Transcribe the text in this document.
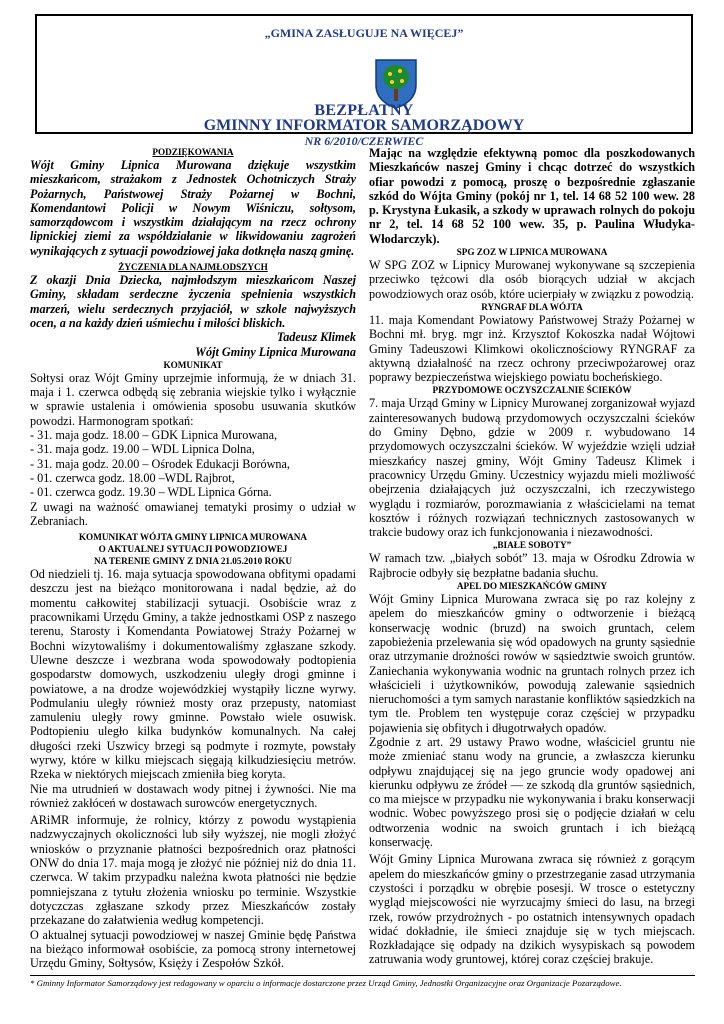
„GMINA ZASŁUGUJE NA WIĘCEJ”
BEZPŁATNY
GMINNY INFORMATOR SAMORZĄDOWY
NR 6/2010/CZERWIEC

PODZIĘKOWANIA

Wójt Gminy Lipnica Murowana dziękuje wszystkim mieszkańcom, strażakom z Jednostek Ochotniczych Straży Pożarnych, Państwowej Straży Pożarnej w Bochni, Komendantowi Policji w Nowym Wiśniczu, sołtysom, samorządowcom i wszystkim działającym na rzecz ochrony lipnickiej ziemi za współdziałanie w likwidowaniu zagrożeń wynikających z sytuacji powodziowej jaka dotknęła naszą gminę.

ŻYCZENIA DLA NAJMŁODSZYCH

Z okazji Dnia Dziecka, najmłodszym mieszkańcom Naszej Gminy, składam serdeczne życzenia spełnienia wszystkich marzeń, wielu serdecznych przyjaciół, w szkole najwyższych ocen, a na każdy dzień uśmiechu i miłości bliskich.

Tadeusz Klimek

Wójt Gminy Lipnica Murowana

KOMUNIKAT

Sołtysi oraz Wójt Gminy uprzejmie informują, że w dniach 31. maja i 1. czerwca odbędą się zebrania wiejskie tylko i wyłącznie w sprawie ustalenia i omówienia sposobu usuwania skutków powodzi. Harmonogram spotkań:

- 31. maja godz. 18.00 – GDK Lipnica Murowana,

- 31. maja godz. 19.00 – WDL Lipnica Dolna,

- 31. maja godz. 20.00 – Ośrodek Edukacji Borówna,

- 01. czerwca godz. 18.00 –WDL Rajbrot,

- 01. czerwca godz. 19.30 – WDL Lipnica Górna.

Z uwagi na ważność omawianej tematyki prosimy o udział w Zebraniach.

KOMUNIKAT WÓJTA GMINY LIPNICA MUROWANA

O AKTUALNEJ SYTUACJI POWODZIOWEJ

NA TERENIE GMINY Z DNIA 21.05.2010 ROKU

Od niedzieli tj. 16. maja sytuacja spowodowana obfitymi opadami deszczu jest na bieżąco monitorowana i nadal będzie, aż do momentu całkowitej stabilizacji sytuacji. Osobiście wraz z pracownikami Urzędu Gminy, a także jednostkami OSP z naszego terenu, Starosty i Komendanta Powiatowej Straży Pożarnej w Bochni wizytowaliśmy i dokumentowaliśmy zgłaszane szkody. Ulewne deszcze i wezbrana woda spowodowały podtopienia gospodarstw domowych, uszkodzeniu uległy drogi gminne i powiatowe, a na drodze wojewódzkiej wystąpiły liczne wyrwy. Podmulaniu uległy również mosty oraz przepusty, natomiast zamuleniu uległy rowy gminne. Powstało wiele osuwisk. Podtopieniu uległo kilka budynków komunalnych. Na całej długości rzeki Uszwicy brzegi są podmyte i rozmyte, powstały wyrwy, które w kilku miejscach sięgają kilkudziesięciu metrów. Rzeka w niektórych miejscach zmieniła bieg koryta.

Nie ma utrudnień w dostawach wody pitnej i żywności. Nie ma również zakłóceń w dostawach surowców energetycznych.

ARiMR informuje, że rolnicy, którzy z powodu wystąpienia nadzwyczajnych okoliczności lub siły wyższej, nie mogli złożyć wniosków o przyznanie płatności bezpośrednich oraz płatności ONW do dnia 17. maja mogą je złożyć nie później niż do dnia 11. czerwca. W takim przypadku należna kwota płatności nie będzie pomniejszana z tytułu złożenia wniosku po terminie. Wszystkie dotyczczas zgłaszane szkody przez Mieszkańców zostały przekazane do załatwienia według kompetencji.

O aktualnej sytuacji powodziowej w naszej Gminie będę Państwa na bieżąco informował osobiście, za pomocą strony internetowej Urzędu Gminy, Sołtysów, Księży i Zespołów Szkół.

Mając na względzie efektywną pomoc dla poszkodowanych Mieszkańców naszej Gminy i chcąc dotrzeć do wszystkich ofiar powodzi z pomocą, proszę o bezpośrednie zgłaszanie szkód do Wójta Gminy (pokój nr 1, tel. 14 68 52 100 wew. 28 p. Krystyna Łukasik, a szkody w uprawach rolnych do pokoju nr 2, tel. 14 68 52 100 wew. 35, p. Paulina Włudyka-Włodarczyk).

SPG ZOZ W LIPNICA MUROWANA

W SPG ZOZ w Lipnicy Murowanej wykonywane są szczepienia przeciwko tężcowi dla osób biorących udział w akcjach powodziowych oraz osób, które ucierpiały w związku z powodzią.

RYNGRAF DLA WÓJTA

11. maja Komendant Powiatowy Państwowej Straży Pożarnej w Bochni mł. bryg. mgr inż. Krzysztof Kokoszka nadał Wójtowi Gminy Tadeuszowi Klimkowi okolicznościowy RYNGRAF za aktywną działalność na rzecz ochrony przeciwpożarowej oraz poprawy bezpieczeństwa wiejskiego powiatu bocheńskiego.

PRZYDOMOWE OCZYSZCZALNIE ŚCIEKÓW

7. maja Urząd Gminy w Lipnicy Murowanej zorganizował wyjazd zainteresowanych budową przydomowych oczyszczalni ścieków do Gminy Dębno, gdzie w 2009 r. wybudowano 14 przydomowych oczyszczalni ścieków. W wyjeździe wzięli udział mieszkańcy naszej gminy, Wójt Gminy Tadeusz Klimek i pracownicy Urzędu Gminy. Uczestnicy wyjazdu mieli możliwość obejrzenia działających już oczyszczalni, ich rzeczywistego wyglądu i rozmiarów, porozmawiania z właścicielami na temat kosztów i różnych rozwiązań technicznych zastosowanych w trakcie budowy oraz ich funkcjonowania i niezawodności.

„BIAŁE SOBOTY”

W ramach tzw. „białych sobót” 13. maja w Ośrodku Zdrowia w Rajbrocie odbyły się bezpłatne badania słuchu.

APEL DO MIESZKAŃCÓW GMINY

Wójt Gminy Lipnica Murowana zwraca się po raz kolejny z apelem do mieszkańców gminy o odtworzenie i bieżącą konserwację wodnic (bruzd) na swoich gruntach, celem zapobieżenia przelewania się wód opadowych na grunty sąsiednie oraz utrzymanie drożności rowów w sąsiedztwie swoich gruntów. Zaniechania wykonywania wodnic na gruntach rolnych przez ich właścicieli i użytkowników, powodują zalewanie sąsiednich nieruchomości a tym samych narastanie konfliktów sąsiedzkich na tym tle. Problem ten występuje coraz częściej w przypadku pojawienia się obfitych i długotrwałych opadów.

Zgodnie z art. 29 ustawy Prawo wodne, właściciel gruntu nie może zmieniać stanu wody na gruncie, a zwłaszcza kierunku odpływu znajdującej się na jego gruncie wody opadowej ani kierunku odpływu ze źródeł — ze szkodą dla gruntów sąsiednich, co ma miejsce w przypadku nie wykonywania i braku konserwacji wodnic. Wobec powyższego prosi się o podjęcie działań w celu odtworzenia wodnic na swoich gruntach i ich bieżącą konserwację.

Wójt Gminy Lipnica Murowana zwraca się również z gorącym apelem do mieszkańców gminy o przestrzeganie zasad utrzymania czystości i porządku w obrębie posesji. W trosce o estetyczny wygląd miejscowości nie wyrzucajmy śmieci do lasu, na brzegi rzek, rowów przydrożnych - po ostatnich intensywnych opadach widać dokładnie, ile śmieci znajduje się w tych miejscach. Rozkładające się odpady na dzikich wysypiskach są powodem zatruwania wody gruntowej, której coraz częściej brakuje.

* Gminny Informator Samorządowy jest redagowany w oparciu o informacje dostarczone przez Urząd Gminy, Jednostki Organizacyjne oraz Organizacje Pozarządowe.
